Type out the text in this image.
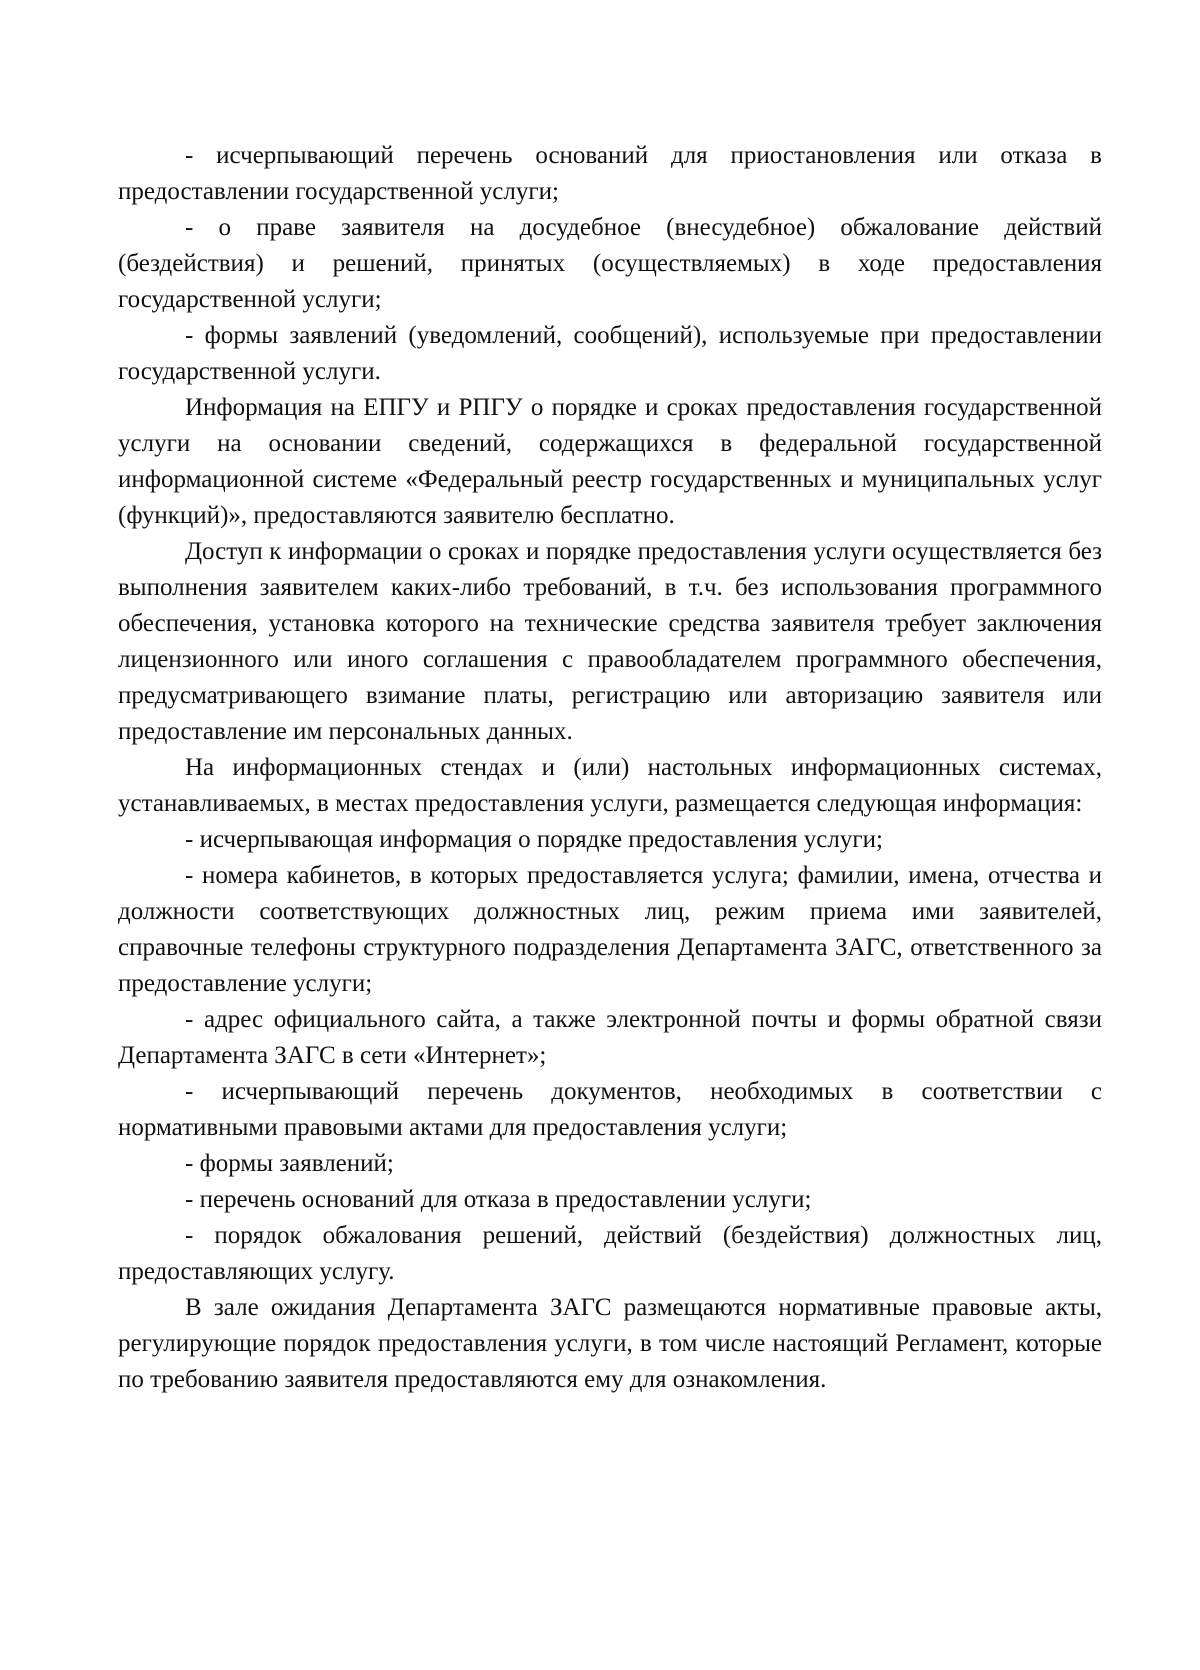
- исчерпывающий перечень оснований для приостановления или отказа в предоставлении государственной услуги;

- о праве заявителя на досудебное (внесудебное) обжалование действий (бездействия) и решений, принятых (осуществляемых) в ходе предоставления государственной услуги;

- формы заявлений (уведомлений, сообщений), используемые при предоставлении государственной услуги.

Информация на ЕПГУ и РПГУ о порядке и сроках предоставления государственной услуги на основании сведений, содержащихся в федеральной государственной информационной системе «Федеральный реестр государственных и муниципальных услуг (функций)», предоставляются заявителю бесплатно.

Доступ к информации о сроках и порядке предоставления услуги осуществляется без выполнения заявителем каких-либо требований, в т.ч. без использования программного обеспечения, установка которого на технические средства заявителя требует заключения лицензионного или иного соглашения с правообладателем программного обеспечения, предусматривающего взимание платы, регистрацию или авторизацию заявителя или предоставление им персональных данных.

На информационных стендах и (или) настольных информационных системах, устанавливаемых, в местах предоставления услуги, размещается следующая информация:

- исчерпывающая информация о порядке предоставления услуги;

- номера кабинетов, в которых предоставляется услуга; фамилии, имена, отчества и должности соответствующих должностных лиц, режим приема ими заявителей, справочные телефоны структурного подразделения Департамента ЗАГС, ответственного за предоставление услуги;

- адрес официального сайта, а также электронной почты и формы обратной связи Департамента ЗАГС в сети «Интернет»;

- исчерпывающий перечень документов, необходимых в соответствии с нормативными правовыми актами для предоставления услуги;

- формы заявлений;

- перечень оснований для отказа в предоставлении услуги;

- порядок обжалования решений, действий (бездействия) должностных лиц, предоставляющих услугу.

В зале ожидания Департамента ЗАГС размещаются нормативные правовые акты, регулирующие порядок предоставления услуги, в том числе настоящий Регламент, которые по требованию заявителя предоставляются ему для ознакомления.
